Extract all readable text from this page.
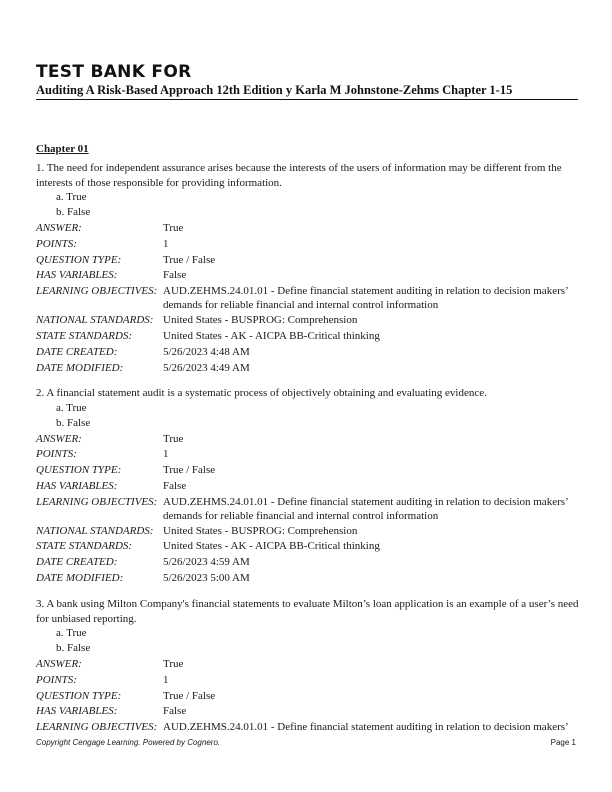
TEST BANK FOR
Auditing A Risk-Based Approach 12th Edition y Karla M Johnstone-Zehms Chapter 1-15
Chapter 01

1. The need for independent assurance arises because the interests of the users of information may be different from the interests of those responsible for providing information.

a. True
b. False
ANSWER:	True
POINTS:	1
QUESTION TYPE:	True / False
HAS VARIABLES:	False
LEARNING OBJECTIVES: AUD.ZEHMS.24.01.01 - Define financial statement auditing in relation to decision makers’ demands for reliable financial and internal control information
NATIONAL STANDARDS: United States - BUSPROG: Comprehension
STATE STANDARDS:	United States - AK - AICPA BB-Critical thinking
DATE CREATED:	5/26/2023 4:48 AM
DATE MODIFIED:	5/26/2023 4:49 AM

2. A financial statement audit is a systematic process of objectively obtaining and evaluating evidence.

a. True
b. False
ANSWER:	True
POINTS:	1
QUESTION TYPE:	True / False
HAS VARIABLES:	False
LEARNING OBJECTIVES: AUD.ZEHMS.24.01.01 - Define financial statement auditing in relation to decision makers’ demands for reliable financial and internal control information
NATIONAL STANDARDS: United States - BUSPROG: Comprehension
STATE STANDARDS:	United States - AK - AICPA BB-Critical thinking
DATE CREATED:	5/26/2023 4:59 AM
DATE MODIFIED:	5/26/2023 5:00 AM

3. A bank using Milton Company's financial statements to evaluate Milton’s loan application is an example of a user’s need for unbiased reporting.

a. True
b. False
ANSWER:	True
POINTS:	1
QUESTION TYPE:	True / False
HAS VARIABLES:	False
LEARNING OBJECTIVES: AUD.ZEHMS.24.01.01 - Define financial statement auditing in relation to decision makers’
Copyright Cengage Learning. Powered by Cognero.	Page 1
